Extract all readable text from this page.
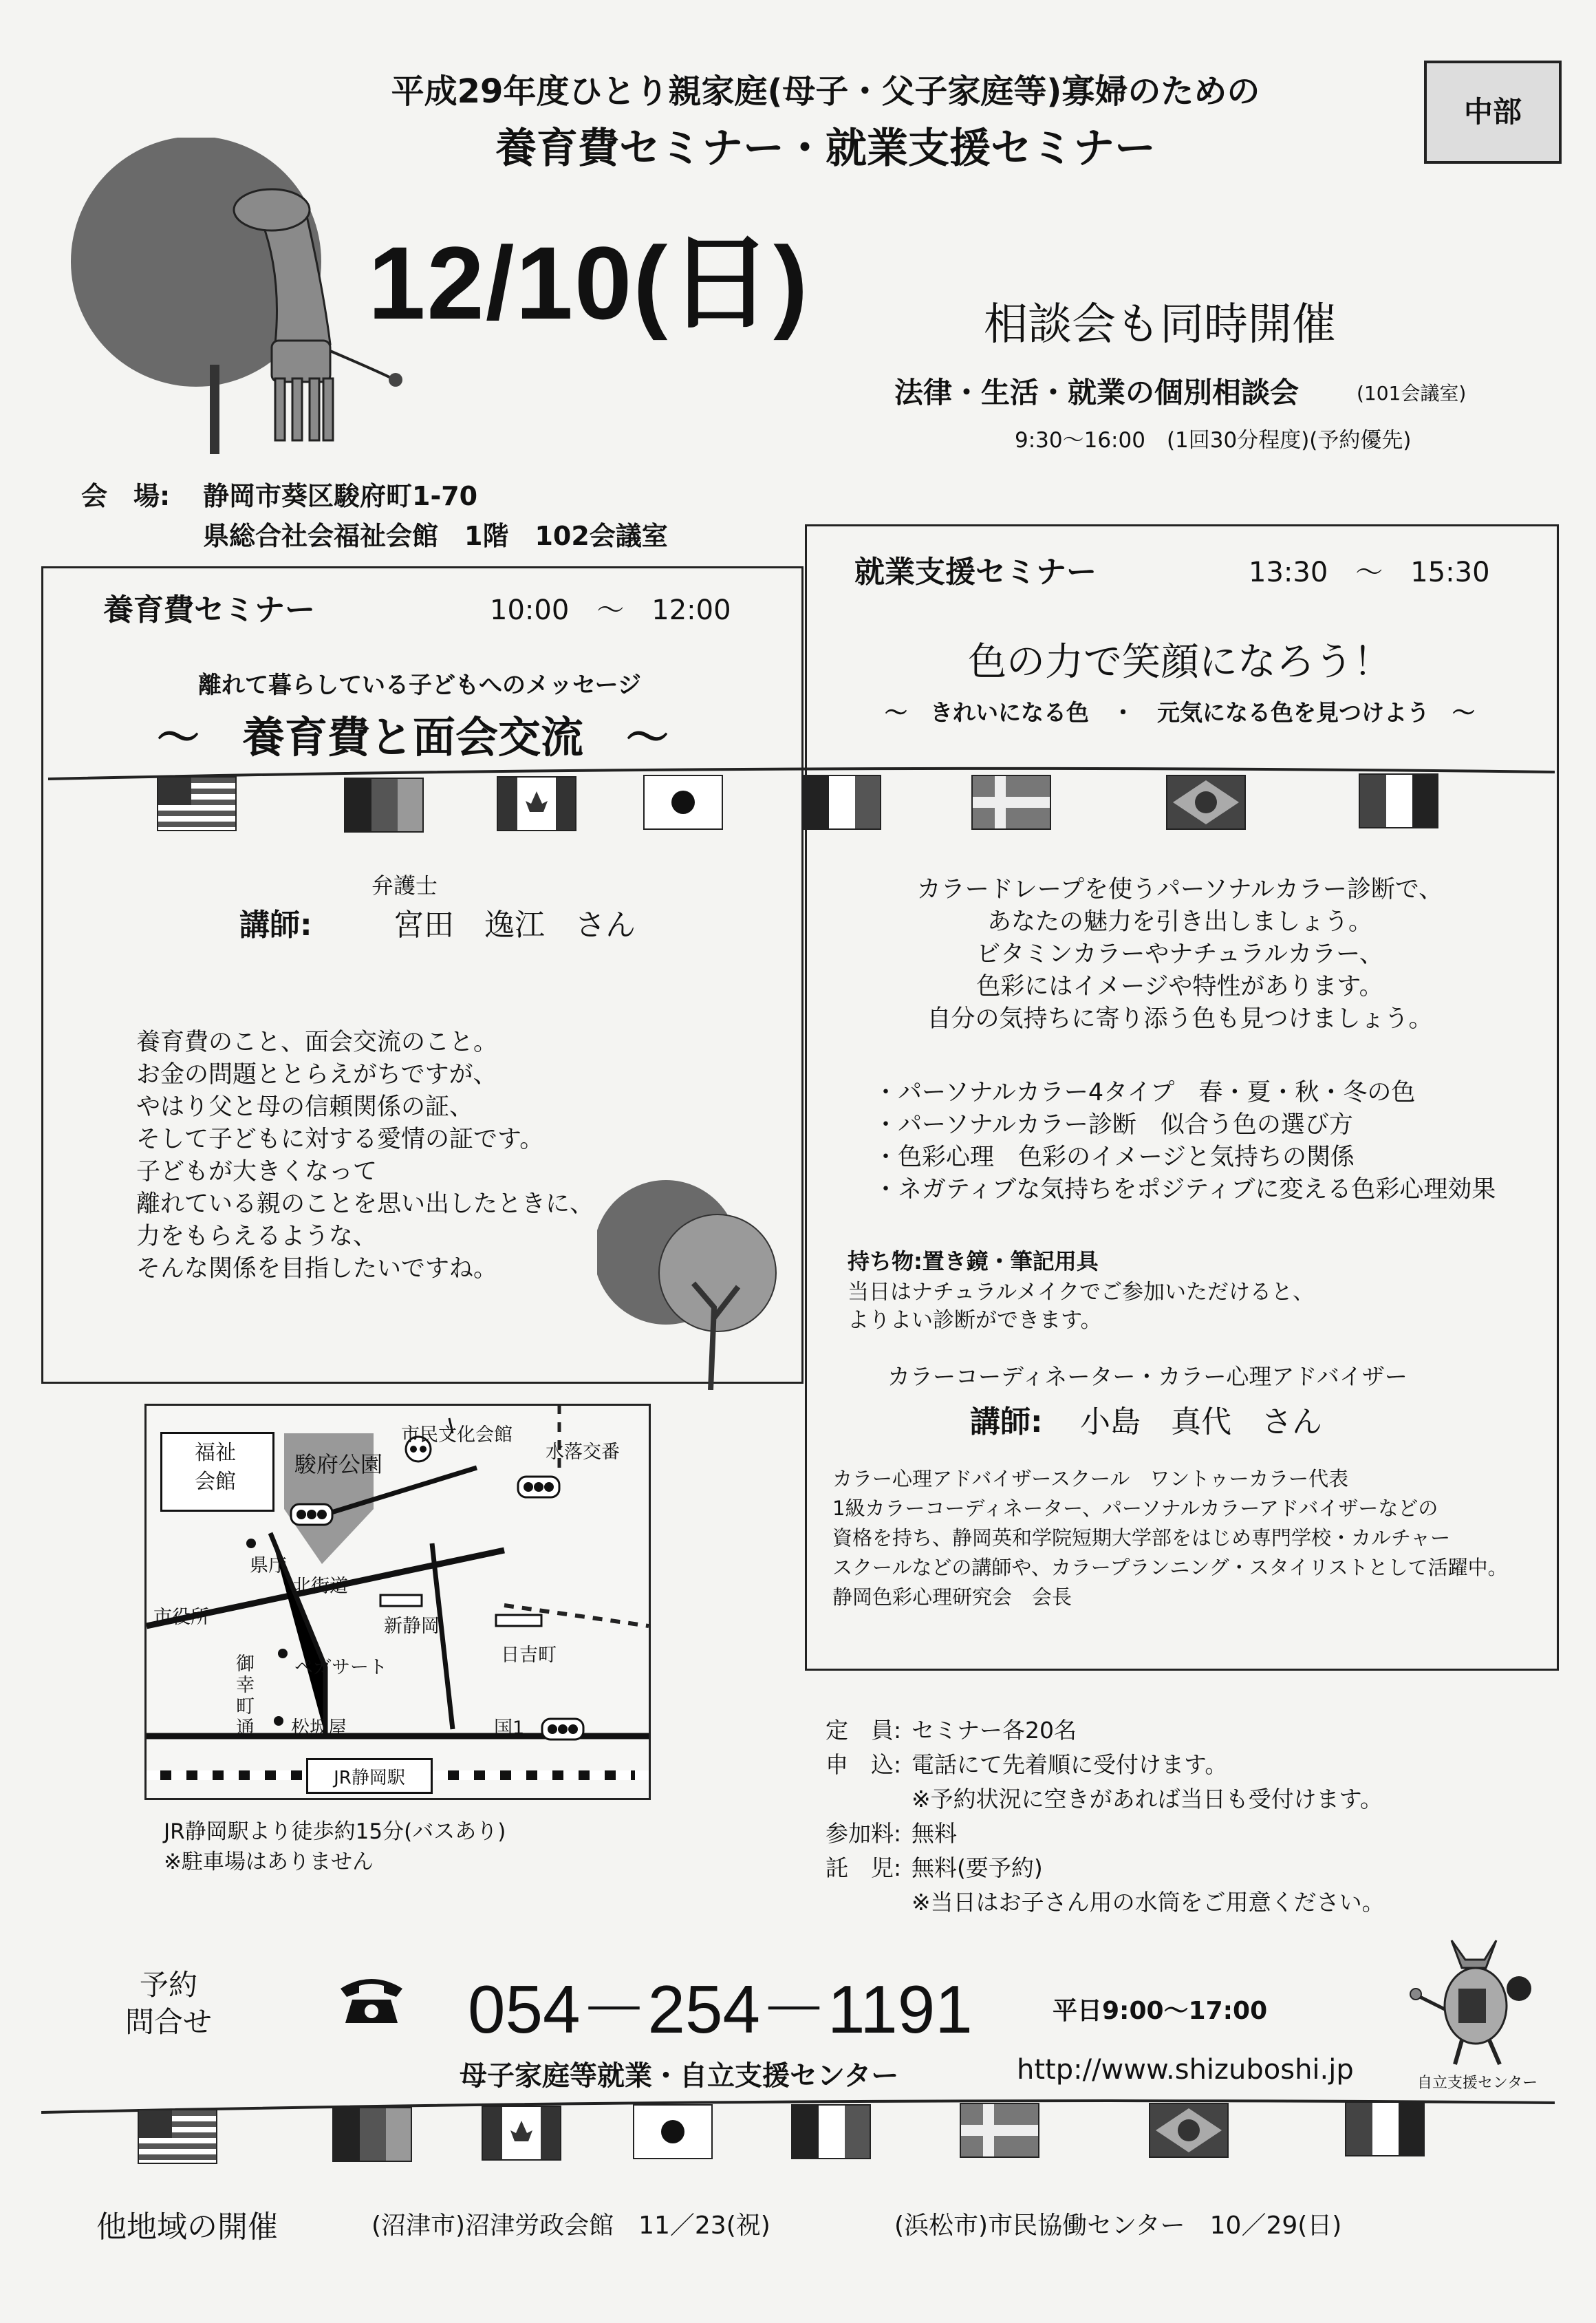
平成29年度ひとり親家庭(母子・父子家庭等)寡婦のための
養育費セミナー・就業支援セミナー
12/10(日)
中部
相談会も同時開催
法律・生活・就業の個別相談会	(101会議室)
9:30～16:00　(1回30分程度)(予約優先)
会　場: 静岡市葵区駿府町1-70
県総合社会福祉会館　1階　102会議室
養育費セミナー	10:00　～　12:00
離れて暮らしている子どもへのメッセージ
～　養育費と面会交流　～
就業支援セミナー	13:30　～　15:30
色の力で笑顔になろう！
～　きれいになる色　・　元気になる色を見つけよう　～
弁護士
講師:	宮田　逸江　さん
養育費のこと、面会交流のこと。
お金の問題ととらえがちですが、
やはり父と母の信頼関係の証、
そして子どもに対する愛情の証です。
子どもが大きくなって
離れている親のことを思い出したときに、
力をもらえるような、
そんな関係を目指したいですね。
カラードレープを使うパーソナルカラー診断で、
あなたの魅力を引き出しましょう。
ビタミンカラーやナチュラルカラー、
色彩にはイメージや特性があります。
自分の気持ちに寄り添う色も見つけましょう。
・パーソナルカラー4タイプ　春・夏・秋・冬の色
・パーソナルカラー診断　似合う色の選び方
・色彩心理　色彩のイメージと気持ちの関係
・ネガティブな気持ちをポジティブに変える色彩心理効果
持ち物:置き鏡・筆記用具
当日はナチュラルメイクでご参加いただけると、
よりよい診断ができます。
カラーコーディネーター・カラー心理アドバイザー
講師: 小島　真代　さん
カラー心理アドバイザースクール　ワントゥーカラー代表
1級カラーコーディネーター、パーソナルカラーアドバイザーなどの
資格を持ち、静岡英和学院短期大学部をはじめ専門学校・カルチャー
スクールなどの講師や、カラープランニング・スタイリストとして活躍中。
静岡色彩心理研究会　会長
福祉
会館
駿府公園
市民文化会館
水落交番
県庁
北街道
市役所	新静岡
日吉町
ペガサート
御
幸
町
通 松坂屋	国1
JR静岡駅
JR静岡駅より徒歩約15分(バスあり)
※駐車場はありません
定　員: セミナー各20名
申　込: 電話にて先着順に受付けます。
※予約状況に空きがあれば当日も受付けます。
参加料: 無料
託　児: 無料(要予約)
※当日はお子さん用の水筒をご用意ください。
予約
問合せ	054－254－1191	平日9:00～17:00
母子家庭等就業・自立支援センター	http://www.shizuboshi.jp	自立支援センター
他地域の開催	(沼津市)沼津労政会館　11／23(祝)	(浜松市)市民協働センター　10／29(日)
